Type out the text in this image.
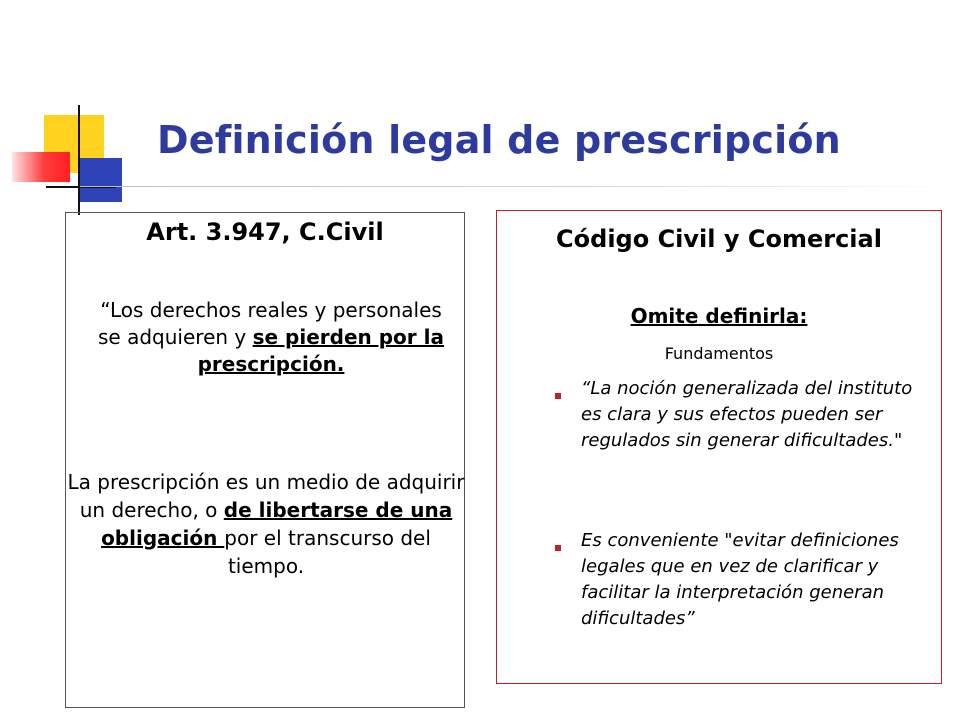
Definición legal de prescripción
Art. 3.947, C.Civil

“Los derechos reales y personales se adquieren y se pierden por la prescripción.

La prescripción es un medio de adquirir un derecho, o de libertarse de una obligación por el transcurso del tiempo.

Código Civil y Comercial

Omite definirla:

Fundamentos

“La noción generalizada del instituto es clara y sus efectos pueden ser regulados sin generar dificultades."

Es conveniente "evitar definiciones legales que en vez de clarificar y facilitar la interpretación generan dificultades”
